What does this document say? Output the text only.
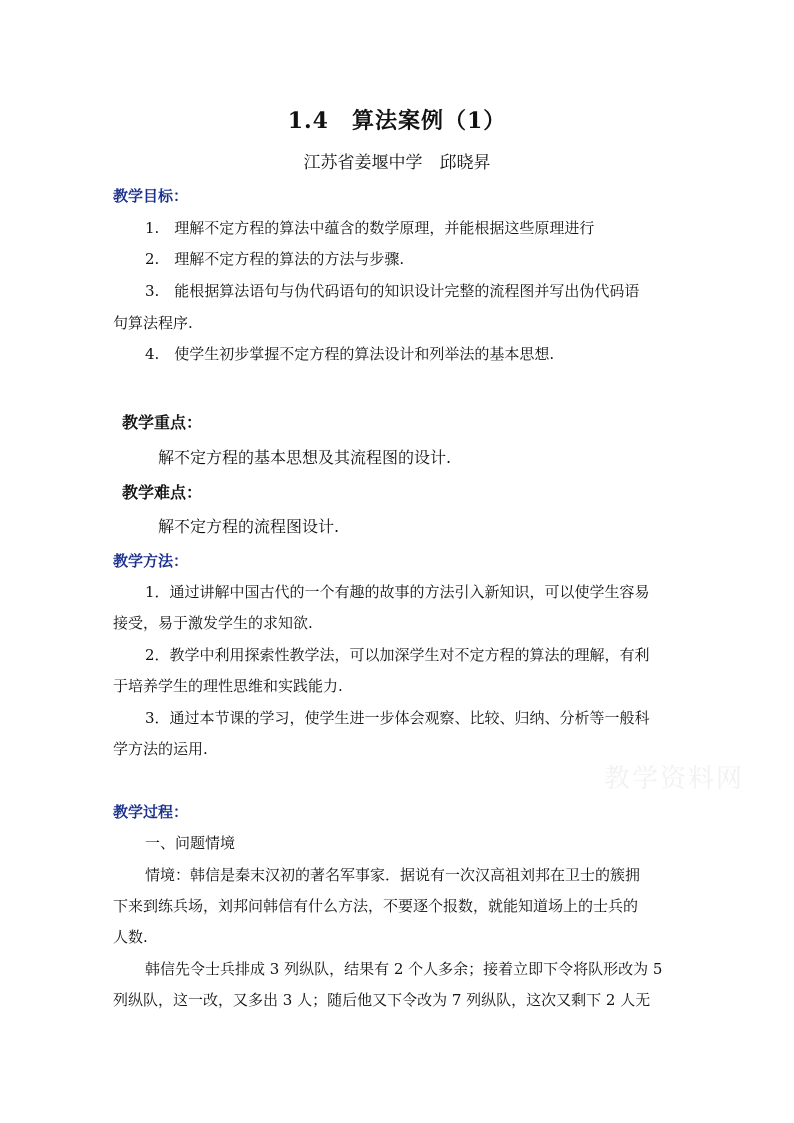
1.4　算法案例（1）
江苏省姜堰中学　邱晓昇
教学目标：
1.　理解不定方程的算法中蕴含的数学原理，并能根据这些原理进行
2.　理解不定方程的算法的方法与步骤.
3.　能根据算法语句与伪代码语句的知识设计完整的流程图并写出伪代码语
句算法程序.
4.　使学生初步掌握不定方程的算法设计和列举法的基本思想.
教学重点：
解不定方程的基本思想及其流程图的设计.
教学难点：
解不定方程的流程图设计.
教学方法：
1．通过讲解中国古代的一个有趣的故事的方法引入新知识，可以使学生容易
接受，易于激发学生的求知欲.
2．教学中利用探索性教学法，可以加深学生对不定方程的算法的理解，有利
于培养学生的理性思维和实践能力.
3．通过本节课的学习，使学生进一步体会观察、比较、归纳、分析等一般科
学方法的运用.
教学资料网
教学过程：
一、问题情境
情境：韩信是秦末汉初的著名军事家．据说有一次汉高祖刘邦在卫士的簇拥
下来到练兵场，刘邦问韩信有什么方法，不要逐个报数，就能知道场上的士兵的
人数.
韩信先令士兵排成 3 列纵队，结果有 2 个人多余；接着立即下令将队形改为 5
列纵队，这一改，又多出 3 人；随后他又下令改为 7 列纵队，这次又剩下 2 人无
